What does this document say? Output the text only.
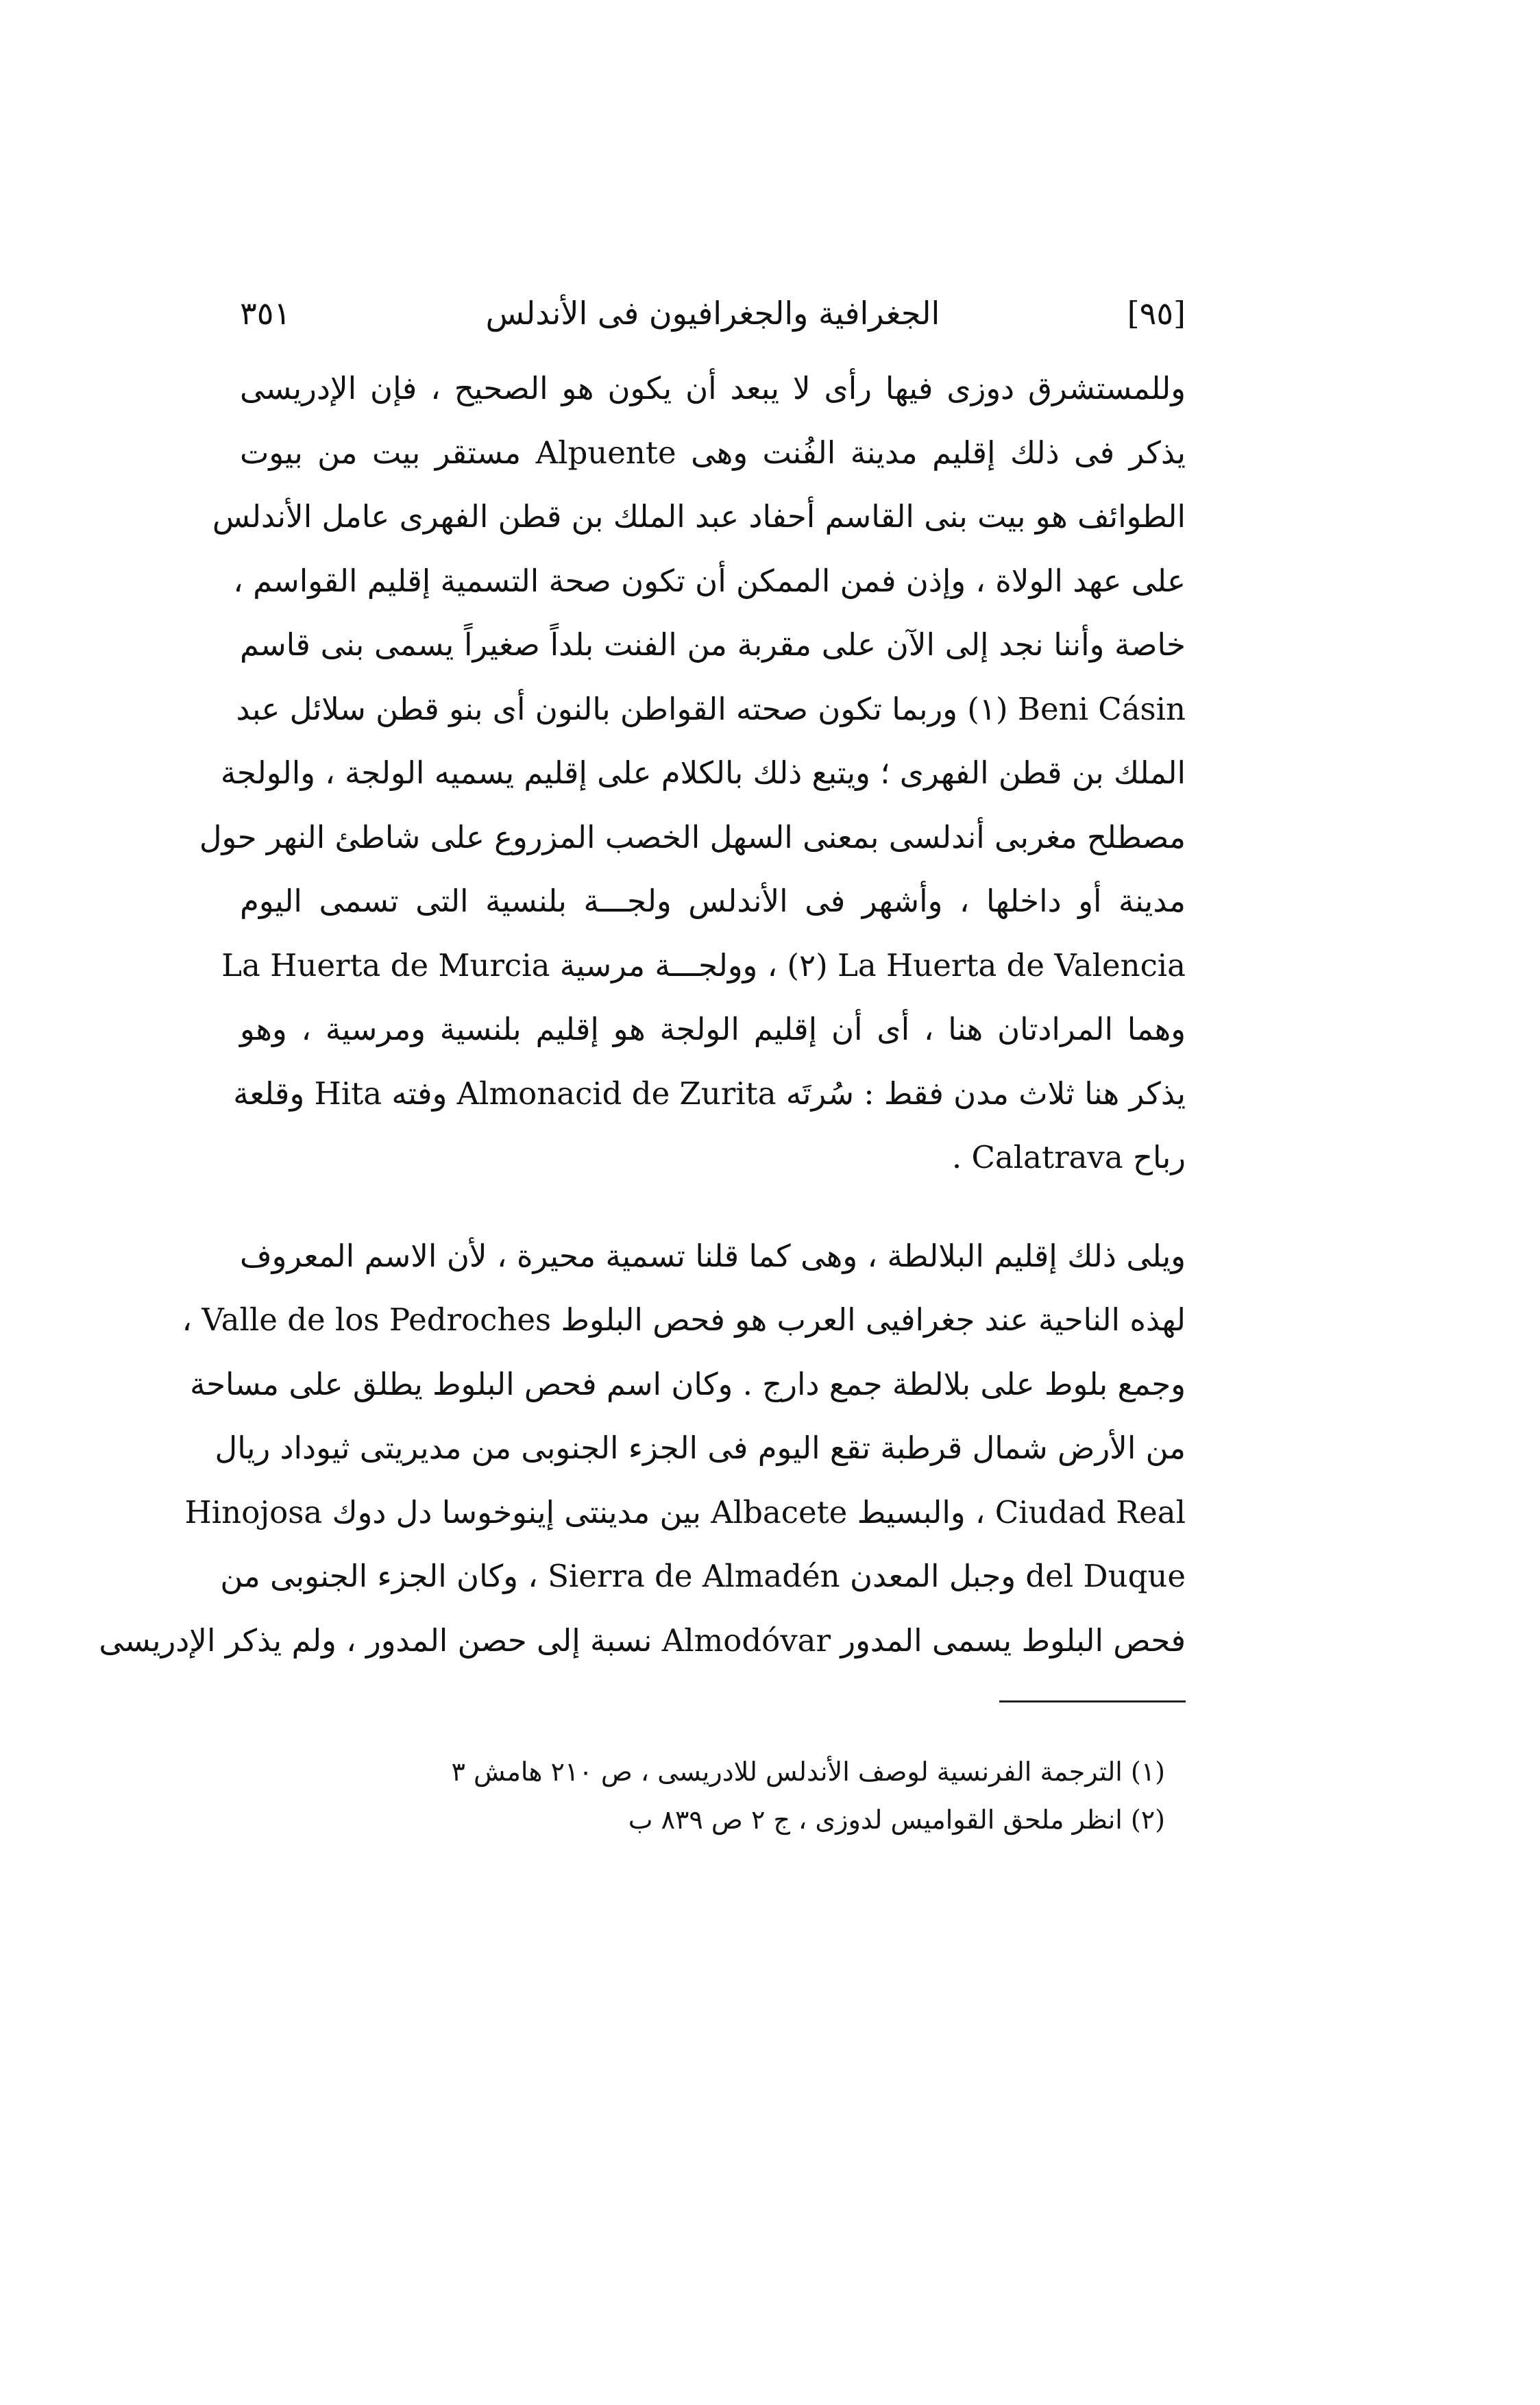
[٩٥]
الجغرافية والجغرافيون فى الأندلس
٣٥١
وللمستشرق دوزى فيها رأى لا يبعد أن يكون هو الصحيح ، فإن الإدريسى
يذكر فى ذلك إقليم مدينة الفُنت وهى Alpuente مستقر بيت من بيوت
الطوائف هو بيت بنى القاسم أحفاد عبد الملك بن قطن الفهرى عامل الأندلس
على عهد الولاة ، وإذن فمن الممكن أن تكون صحة التسمية إقليم القواسم ،
خاصة وأننا نجد إلى الآن على مقربة من الفنت بلداً صغيراً يسمى بنى قاسم
Beni Cásin (١) وربما تكون صحته القواطن بالنون أى بنو قطن سلائل عبد
الملك بن قطن الفهرى ؛ ويتبع ذلك بالكلام على إقليم يسميه الولجة ، والولجة
مصطلح مغربى أندلسى بمعنى السهل الخصب المزروع على شاطئ النهر حول
مدينة أو داخلها ، وأشهر فى الأندلس ولجـــة بلنسية التى تسمى اليوم
La Huerta de Valencia (٢) ، وولجـــة مرسية La Huerta de Murcia
وهما المرادتان هنا ، أى أن إقليم الولجة هو إقليم بلنسية ومرسية ، وهو
يذكر هنا ثلاث مدن فقط : سُرتَه Almonacid de Zurita وفته Hita وقلعة
رباح Calatrava .
ويلى ذلك إقليم البلالطة ، وهى كما قلنا تسمية محيرة ، لأن الاسم المعروف
لهذه الناحية عند جغرافيى العرب هو فحص البلوط Valle de los Pedroches ،
وجمع بلوط على بلالطة جمع دارج . وكان اسم فحص البلوط يطلق على مساحة
من الأرض شمال قرطبة تقع اليوم فى الجزء الجنوبى من مديريتى ثيوداد ريال
Ciudad Real ، والبسيط Albacete بين مدينتى إينوخوسا دل دوك Hinojosa
del Duque وجبل المعدن Sierra de Almadén ، وكان الجزء الجنوبى من
فحص البلوط يسمى المدور Almodóvar نسبة إلى حصن المدور ، ولم يذكر الإدريسى
(١) الترجمة الفرنسية لوصف الأندلس للادريسى ، ص ٢١٠ هامش ٣
(٢) انظر ملحق القواميس لدوزى ، ج ٢ ص ٨٣٩ ب
